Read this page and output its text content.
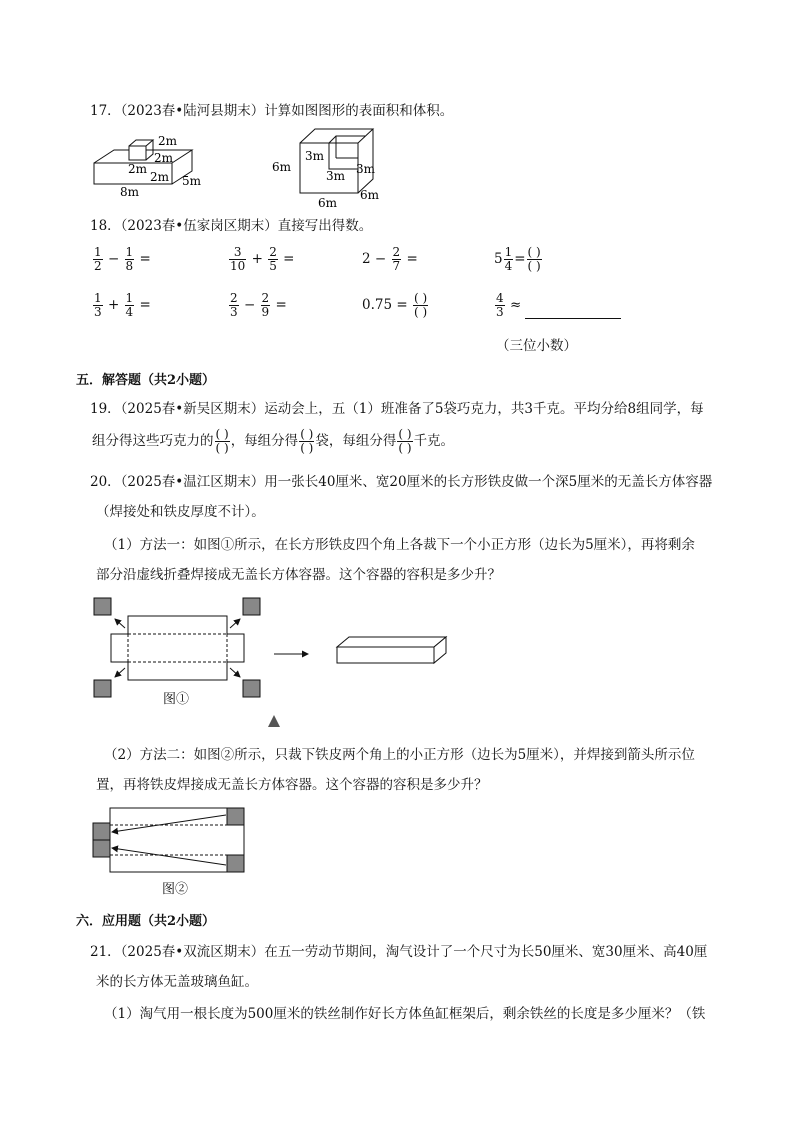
17．（2023春•陆河县期末）计算如图图形的表面积和体积。
2m
2m
2m
2m
8m
5m
6m
3m
3m 3m
6m
6m
18．（2023春•伍家岗区期末）直接写出得数。
$\frac{1}{2} - \frac{1}{8}$ =	$\frac{3}{10} + \frac{2}{5}$ =	$2 - \frac{2}{7}$ =	$5 \frac{1}{4} = \frac{( )}{( )}$
$\frac{1}{3} + \frac{1}{4}$ =	$\frac{2}{3} - \frac{2}{9}$ =	$0.75 = \frac{( )}{( )}$	$\frac{4}{3}$ ≈
（三位小数）
五．解答题（共2小题）
19．（2025春•新吴区期末）运动会上，五（1）班准备了5袋巧克力，共3千克。平均分给8组同学，每
组分得这些巧克力的 $\frac{( )}{( )}$ ，每组分得 $\frac{( )}{( )}$ 袋，每组分得 $\frac{( )}{( )}$ 千克。
20．（2025春•温江区期末）用一张长40厘米、宽20厘米的长方形铁皮做一个深5厘米的无盖长方体容器
（焊接处和铁皮厚度不计）。
（1）方法一：如图①所示，在长方形铁皮四个角上各裁下一个小正方形（边长为5厘米），再将剩余
部分沿虚线折叠焊接成无盖长方体容器。这个容器的容积是多少升？
图①
（2）方法二：如图②所示，只裁下铁皮两个角上的小正方形（边长为5厘米），并焊接到箭头所示位
置，再将铁皮焊接成无盖长方体容器。这个容器的容积是多少升？
图②
六．应用题（共2小题）
21．（2025春•双流区期末）在五一劳动节期间，淘气设计了一个尺寸为长50厘米、宽30厘米、高40厘
米的长方体无盖玻璃鱼缸。
（1）淘气用一根长度为500厘米的铁丝制作好长方体鱼缸框架后，剩余铁丝的长度是多少厘米？（铁
